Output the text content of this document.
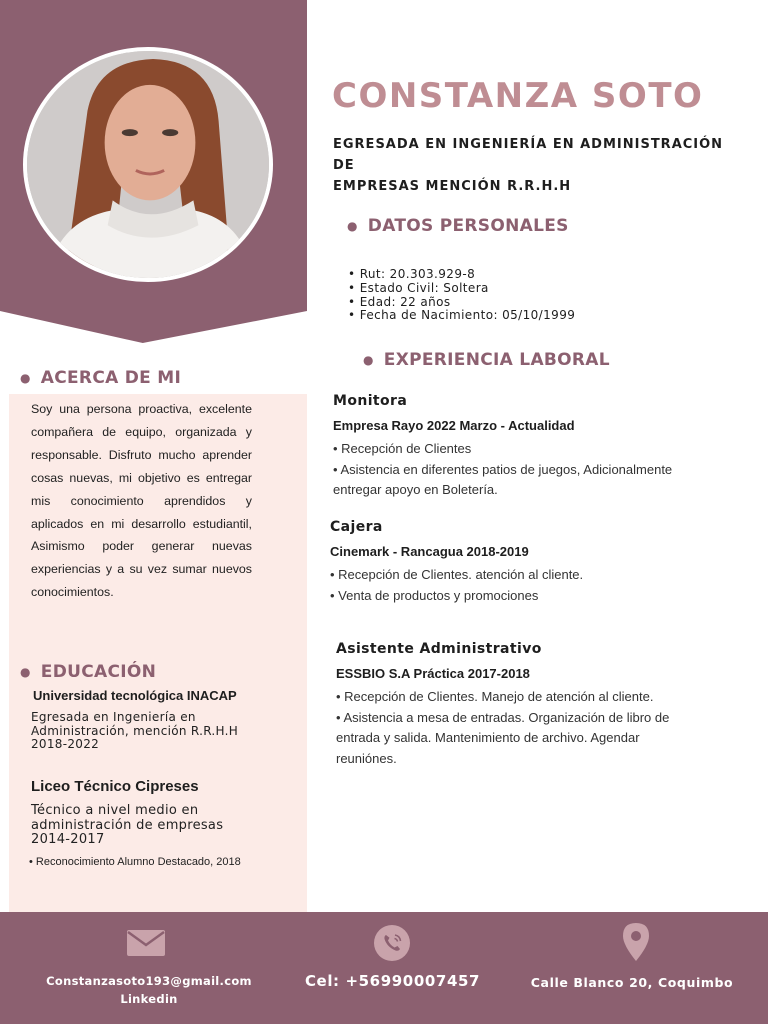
● ACERCA DE MI

Soy una persona proactiva, excelente compañera de equipo, organizada y responsable. Disfruto mucho aprender cosas nuevas, mi objetivo es entregar mis conocimiento aprendidos y aplicados en mi desarrollo estudiantil, Asimismo poder generar nuevas experiencias y a su vez sumar nuevos conocimientos.

● EDUCACIÓN
Universidad tecnológica INACAP
Egresada en Ingeniería en
Administración, mención R.R.H.H
2018-2022
Liceo Técnico Cipreses
Técnico a nivel medio en
administración de empresas
2014-2017
• Reconocimiento Alumno Destacado, 2018
CONSTANZA SOTO
EGRESADA EN INGENIERÍA EN ADMINISTRACIÓN DE
EMPRESAS MENCIÓN R.R.H.H
● DATOS PERSONALES
• Rut: 20.303.929-8
• Estado Civil: Soltera
• Edad: 22 años
• Fecha de Nacimiento: 05/10/1999
● EXPERIENCIA LABORAL
Monitora
Empresa Rayo 2022 Marzo - Actualidad
• Recepción de Clientes
• Asistencia en diferentes patios de juegos, Adicionalmente
entregar apoyo en Boletería.
Cajera
Cinemark - Rancagua 2018-2019
• Recepción de Clientes. atención al cliente.
• Venta de productos y promociones
Asistente Administrativo
ESSBIO S.A Práctica 2017-2018
• Recepción de Clientes. Manejo de atención al cliente.
• Asistencia a mesa de entradas. Organización de libro de
entrada y salida. Mantenimiento de archivo. Agendar
reuniónes.
Constanzasoto193@gmail.com
Linkedin
Cel: +56990007457	Calle Blanco 20, Coquimbo
